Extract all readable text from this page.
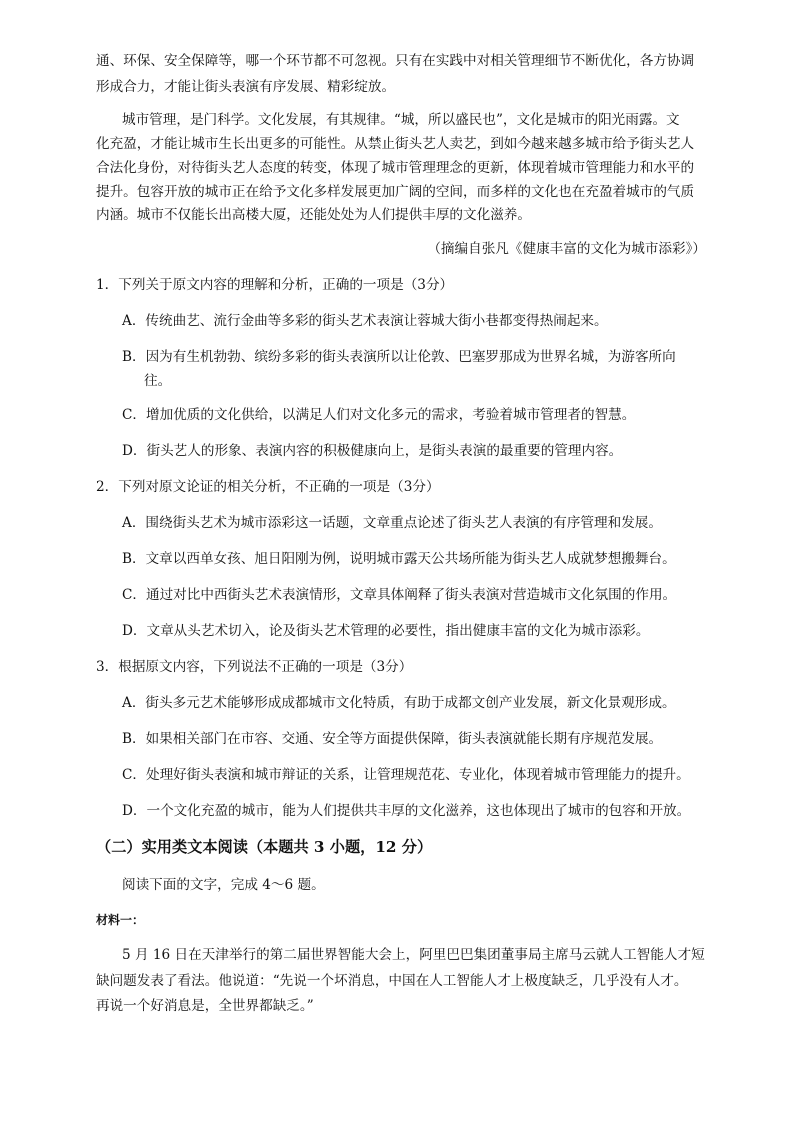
通、环保、安全保障等，哪一个环节都不可忽视。只有在实践中对相关管理细节不断优化，各方协调
形成合力，才能让街头表演有序发展、精彩绽放。
城市管理，是门科学。文化发展，有其规律。“城，所以盛民也”，文化是城市的阳光雨露。文
化充盈，才能让城市生长出更多的可能性。从禁止街头艺人卖艺，到如今越来越多城市给予街头艺人
合法化身份，对待街头艺人态度的转变，体现了城市管理理念的更新，体现着城市管理能力和水平的
提升。包容开放的城市正在给予文化多样发展更加广阔的空间，而多样的文化也在充盈着城市的气质
内涵。城市不仅能长出高楼大厦，还能处处为人们提供丰厚的文化滋养。
（摘编自张凡《健康丰富的文化为城市添彩》）
1．下列关于原文内容的理解和分析，正确的一项是（3分）
A．传统曲艺、流行金曲等多彩的街头艺术表演让蓉城大街小巷都变得热闹起来。
B．因为有生机勃勃、缤纷多彩的街头表演所以让伦敦、巴塞罗那成为世界名城，为游客所向
往。
C．增加优质的文化供给，以满足人们对文化多元的需求，考验着城市管理者的智慧。
D．街头艺人的形象、表演内容的积极健康向上，是街头表演的最重要的管理内容。
2．下列对原文论证的相关分析，不正确的一项是（3分）
A．围绕街头艺术为城市添彩这一话题，文章重点论述了街头艺人表演的有序管理和发展。
B．文章以西单女孩、旭日阳刚为例，说明城市露天公共场所能为街头艺人成就梦想搬舞台。
C．通过对比中西街头艺术表演情形，文章具体阐释了街头表演对营造城市文化氛围的作用。
D．文章从头艺术切入，论及街头艺术管理的必要性，指出健康丰富的文化为城市添彩。
3．根据原文内容，下列说法不正确的一项是（3分）
A．街头多元艺术能够形成成都城市文化特质，有助于成都文创产业发展，新文化景观形成。
B．如果相关部门在市容、交通、安全等方面提供保障，街头表演就能长期有序规范发展。
C．处理好街头表演和城市辩证的关系，让管理规范花、专业化，体现着城市管理能力的提升。
D．一个文化充盈的城市，能为人们提供共丰厚的文化滋养，这也体现出了城市的包容和开放。
（二）实用类文本阅读（本题共 3 小题，12 分）
阅读下面的文字，完成 4～6 题。
材料一：
5 月 16 日在天津举行的第二届世界智能大会上，阿里巴巴集团董事局主席马云就人工智能人才短
缺问题发表了看法。他说道：“先说一个坏消息，中国在人工智能人才上极度缺乏，几乎没有人才。
再说一个好消息是，全世界都缺乏。”
